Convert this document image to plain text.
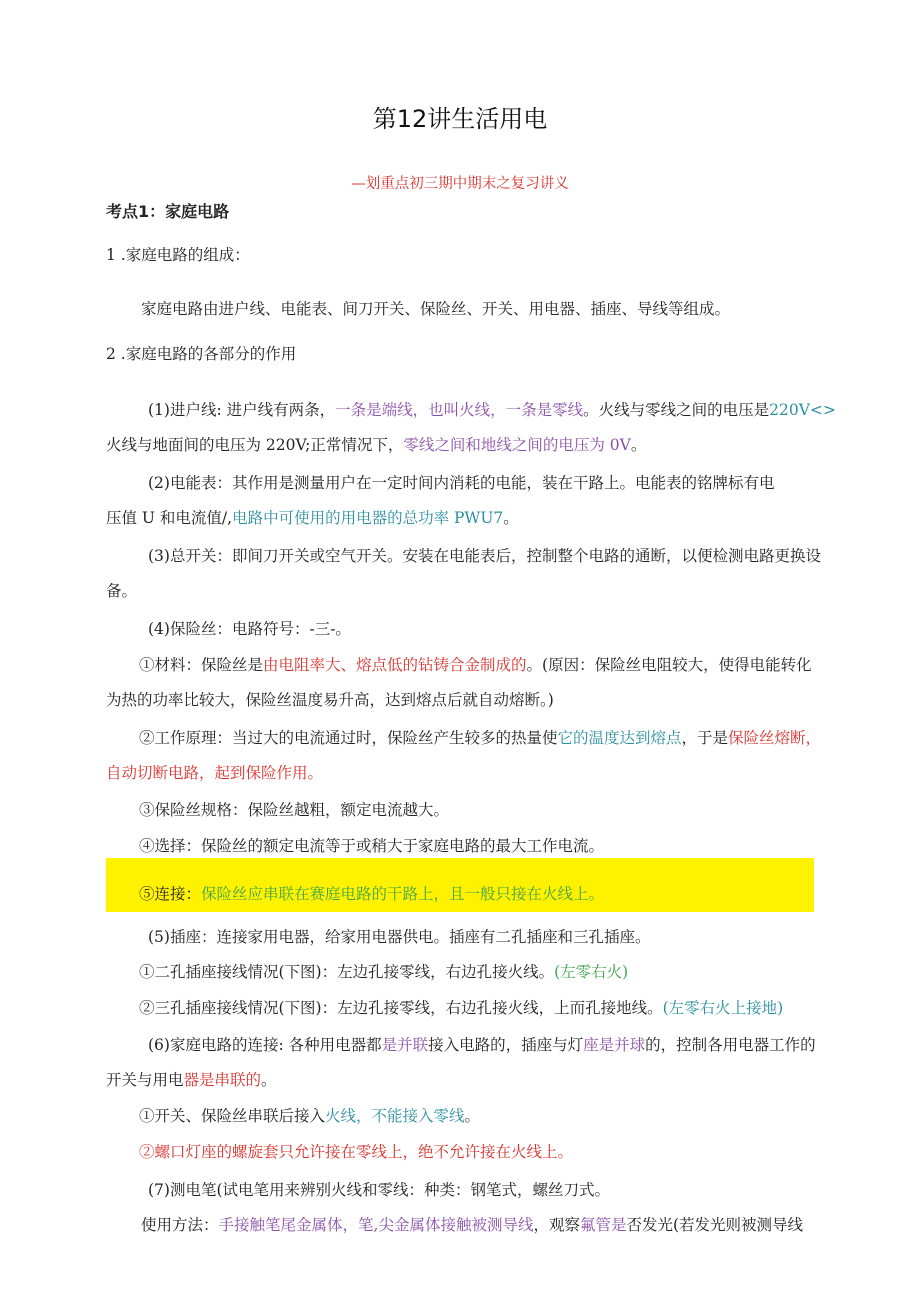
第12讲生活用电
—划重点初三期中期末之复习讲义
考点1：家庭电路
1 .家庭电路的组成：
家庭电路由进户线、电能表、间刀开关、保险丝、开关、用电器、插座、导线等组成。
2 .家庭电路的各部分的作用
(1)进户线: 进户线有两条，一条是端线，也叫火线，一条是零线。火线与零线之间的电压是220V<>
火线与地面间的电压为 220V;正常情况下，零线之间和地线之间的电压为 0V。
(2)电能表：其作用是测量用户在一定时间内消耗的电能，装在干路上。电能表的铭牌标有电
压值 U 和电流值/,电路中可使用的用电器的总功率 PWU7。
(3)总开关：即间刀开关或空气开关。安装在电能表后，控制整个电路的通断，以便检测电路更换设
备。
(4)保险丝：电路符号：-三-。
①材料：保险丝是由电阻率大、熔点低的钻铸合金制成的。(原因：保险丝电阻较大，使得电能转化
为热的功率比较大，保险丝温度易升高，达到熔点后就自动熔断。)
②工作原理：当过大的电流通过时，保险丝产生较多的热量使它的温度达到熔点，于是保险丝熔断，
自动切断电路，起到保险作用。
③保险丝规格：保险丝越粗，额定电流越大。
④选择：保险丝的额定电流等于或稍大于家庭电路的最大工作电流。
⑤连接：保险丝应串联在赛庭电路的干路上，且一般只接在火线上。
(5)插座：连接家用电器，给家用电器供电。插座有二孔插座和三孔插座。
①二孔插座接线情况(下图)：左边孔接零线，右边孔接火线。(左零右火)
②三孔插座接线情况(下图)：左边孔接零线，右边孔接火线，上而孔接地线。(左零右火上接地)
(6)家庭电路的连接: 各种用电器都是并联接入电路的，插座与灯座是并球的，控制各用电器工作的
开关与用电器是串联的。
①开关、保险丝串联后接入火线，不能接入零线。
②螺口灯座的螺旋套只允许接在零线上，绝不允许接在火线上。
(7)测电笔(试电笔用来辨别火线和零线：种类：钢笔式，螺丝刀式。
使用方法：手接触笔尾金属体，笔,尖金属体接触被测导线，观察氟管是否发光(若发光则被测导线
